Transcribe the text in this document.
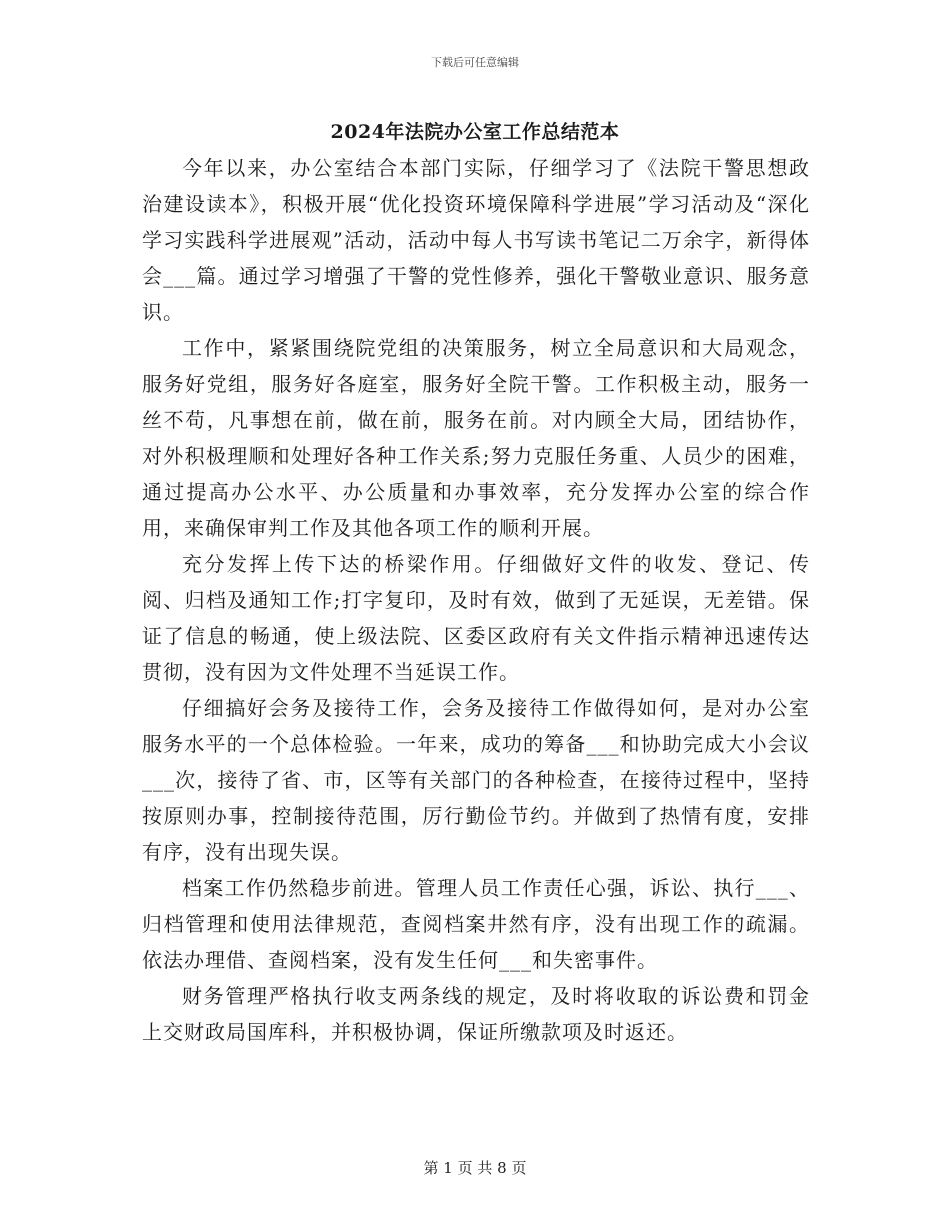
下载后可任意编辑
2024年法院办公室工作总结范本

今年以来，办公室结合本部门实际，仔细学习了《法院干警思想政治建设读本》，积极开展“优化投资环境保障科学进展”学习活动及“深化学习实践科学进展观”活动，活动中每人书写读书笔记二万余字，新得体会___篇。通过学习增强了干警的党性修养，强化干警敬业意识、服务意识。

工作中，紧紧围绕院党组的决策服务，树立全局意识和大局观念，服务好党组，服务好各庭室，服务好全院干警。工作积极主动，服务一丝不苟，凡事想在前，做在前，服务在前。对内顾全大局，团结协作，对外积极理顺和处理好各种工作关系;努力克服任务重、人员少的困难，通过提高办公水平、办公质量和办事效率，充分发挥办公室的综合作用，来确保审判工作及其他各项工作的顺利开展。

充分发挥上传下达的桥梁作用。仔细做好文件的收发、登记、传阅、归档及通知工作;打字复印，及时有效，做到了无延误，无差错。保证了信息的畅通，使上级法院、区委区政府有关文件指示精神迅速传达贯彻，没有因为文件处理不当延误工作。

仔细搞好会务及接待工作，会务及接待工作做得如何，是对办公室服务水平的一个总体检验。一年来，成功的筹备___和协助完成大小会议___次，接待了省、市，区等有关部门的各种检查，在接待过程中，坚持按原则办事，控制接待范围，厉行勤俭节约。并做到了热情有度，安排有序，没有出现失误。

档案工作仍然稳步前进。管理人员工作责任心强，诉讼、执行___、归档管理和使用法律规范，查阅档案井然有序，没有出现工作的疏漏。依法办理借、查阅档案，没有发生任何___和失密事件。

财务管理严格执行收支两条线的规定，及时将收取的诉讼费和罚金上交财政局国库科，并积极协调，保证所缴款项及时返还。

第 1 页 共 8 页
